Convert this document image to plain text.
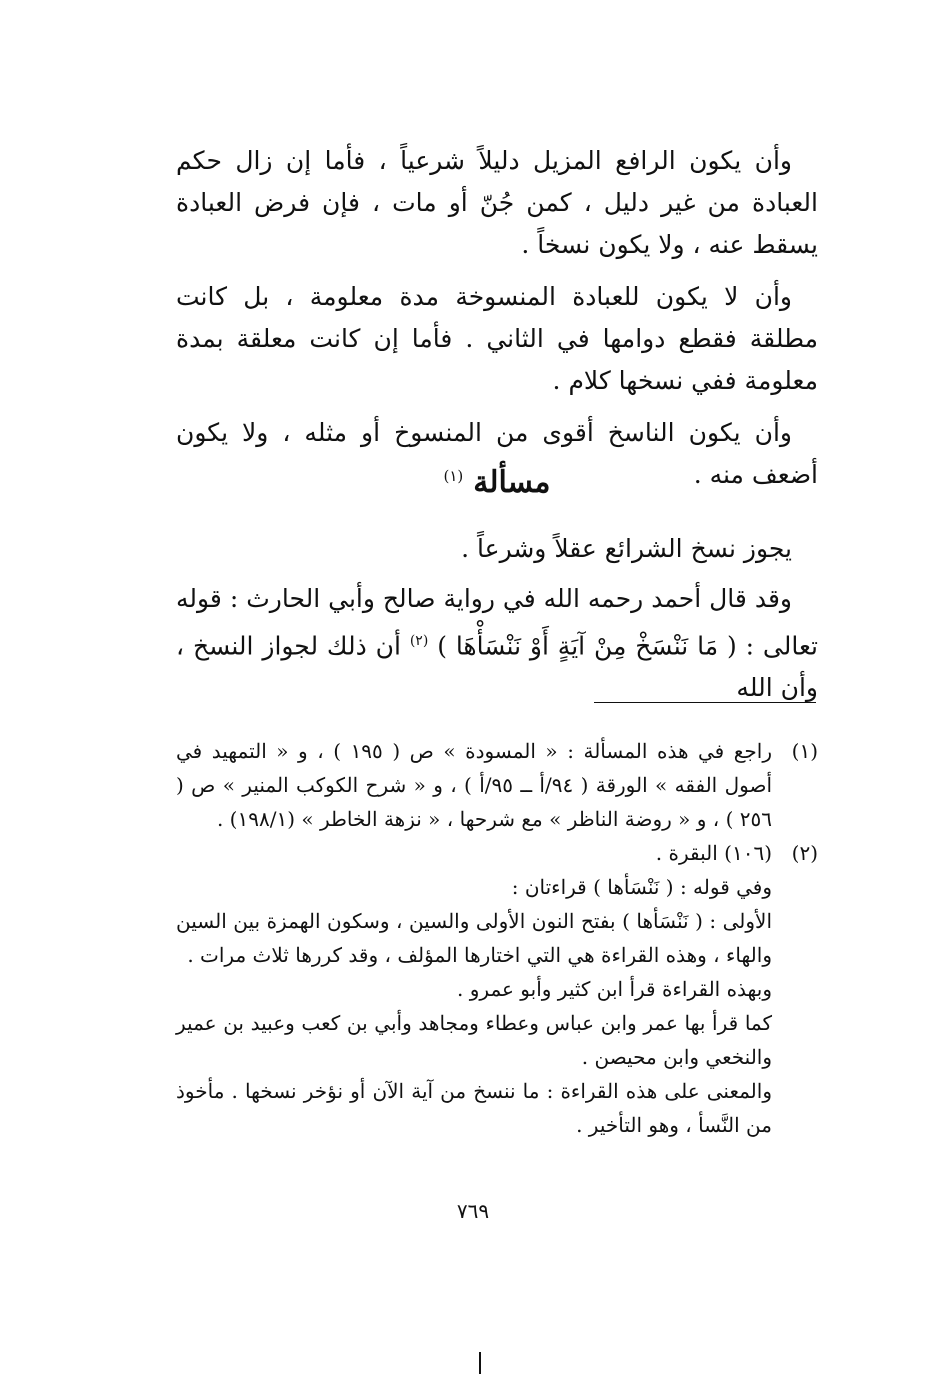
وأن يكون الرافع المزيل دليلاً شرعياً ، فأما إن زال حكم العبادة من غير دليل ، كمن جُنّ أو مات ، فإن فرض العبادة يسقط عنه ، ولا يكون نسخاً .

وأن لا يكون للعبادة المنسوخة مدة معلومة ، بل كانت مطلقة فقطع دوامها في الثاني . فأما إن كانت معلقة بمدة معلومة ففي نسخها كلام .

وأن يكون الناسخ أقوى من المنسوخ أو مثله ، ولا يكون أضعف منه .

مسألة$^{(١)}$

يجوز نسخ الشرائع عقلاً وشرعاً .

وقد قال أحمد رحمه الله في رواية صالح وأبي الحارث : قوله تعالى : ( مَا نَنْسَخْ مِنْ آيَةٍ أَوْ نَنْسَأْهَا ) $^{(٢)}$ أن ذلك لجواز النسخ ، وأن الله

(١)

راجع في هذه المسألة : « المسودة » ص ( ١٩٥ ) ، و « التمهيد في أصول الفقه » الورقة ( ٩٤/أ ــ ٩٥/أ ) ، و « شرح الكوكب المنير » ص ( ٢٥٦ ) ، و « روضة الناظر » مع شرحها ، « نزهة الخاطر » (١٩٨/١) .

(٢)

(١٠٦) البقرة .

وفي قوله : ( نَنْسَأها ) قراءتان :

الأولى : ( نَنْسَأها ) بفتح النون الأولى والسين ، وسكون الهمزة بين السين والهاء ، وهذه القراءة هي التي اختارها المؤلف ، وقد كررها ثلاث مرات .

وبهذه القراءة قرأ ابن كثير وأبو عمرو .

كما قرأ بها عمر وابن عباس وعطاء ومجاهد وأبي بن كعب وعبيد بن عمير والنخعي وابن محيصن .

والمعنى على هذه القراءة : ما ننسخ من آية الآن أو نؤخر نسخها . مأخوذ من النَّسأ ، وهو التأخير .

٧٦٩
